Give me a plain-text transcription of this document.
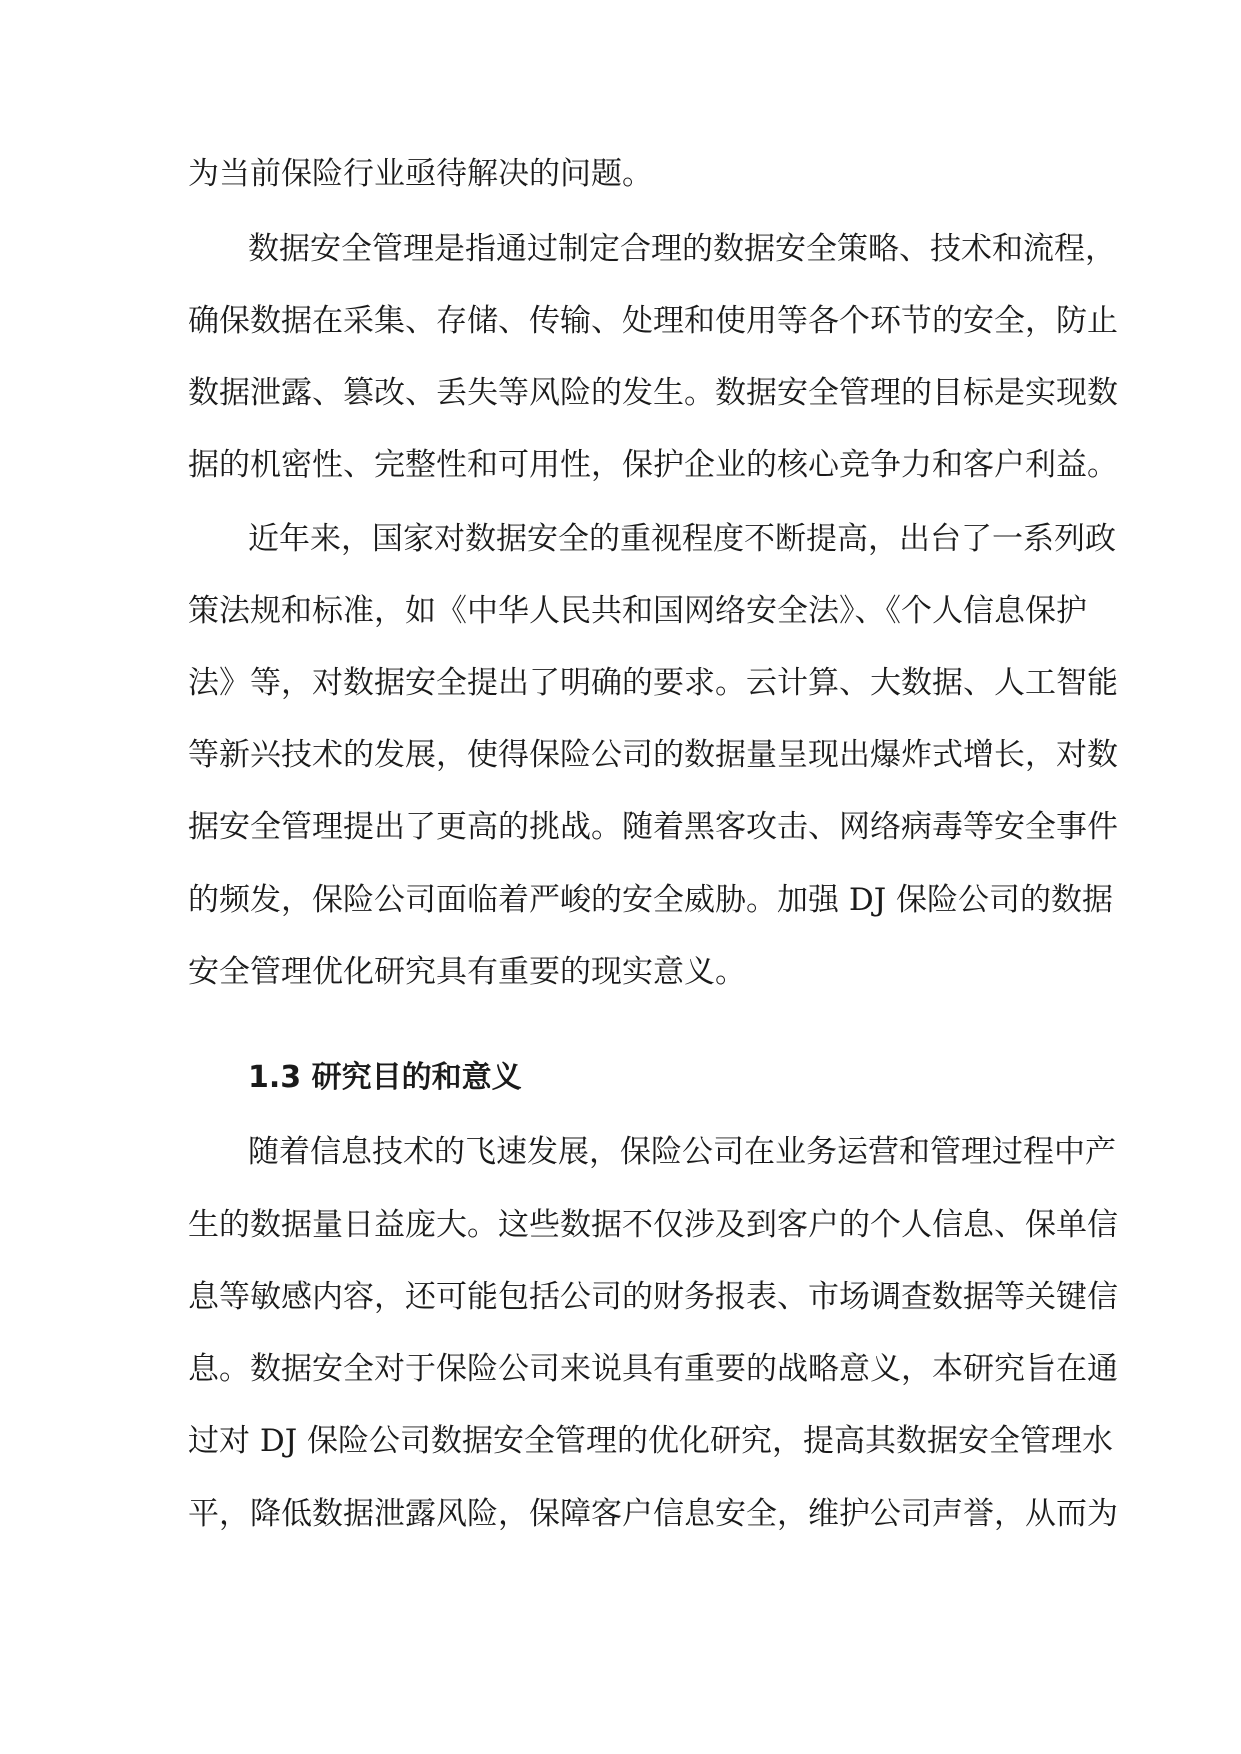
为当前保险行业亟待解决的问题。
数据安全管理是指通过制定合理的数据安全策略、技术和流程，
确保数据在采集、存储、传输、处理和使用等各个环节的安全，防止
数据泄露、篡改、丢失等风险的发生。数据安全管理的目标是实现数
据的机密性、完整性和可用性，保护企业的核心竞争力和客户利益。
近年来，国家对数据安全的重视程度不断提高，出台了一系列政
策法规和标准，如《中华人民共和国网络安全法》、《个人信息保护
法》等，对数据安全提出了明确的要求。云计算、大数据、人工智能
等新兴技术的发展，使得保险公司的数据量呈现出爆炸式增长，对数
据安全管理提出了更高的挑战。随着黑客攻击、网络病毒等安全事件
的频发，保险公司面临着严峻的安全威胁。加强 DJ 保险公司的数据
安全管理优化研究具有重要的现实意义。
1.3 研究目的和意义
随着信息技术的飞速发展，保险公司在业务运营和管理过程中产
生的数据量日益庞大。这些数据不仅涉及到客户的个人信息、保单信
息等敏感内容，还可能包括公司的财务报表、市场调查数据等关键信
息。数据安全对于保险公司来说具有重要的战略意义，本研究旨在通
过对 DJ 保险公司数据安全管理的优化研究，提高其数据安全管理水
平，降低数据泄露风险，保障客户信息安全，维护公司声誉，从而为
